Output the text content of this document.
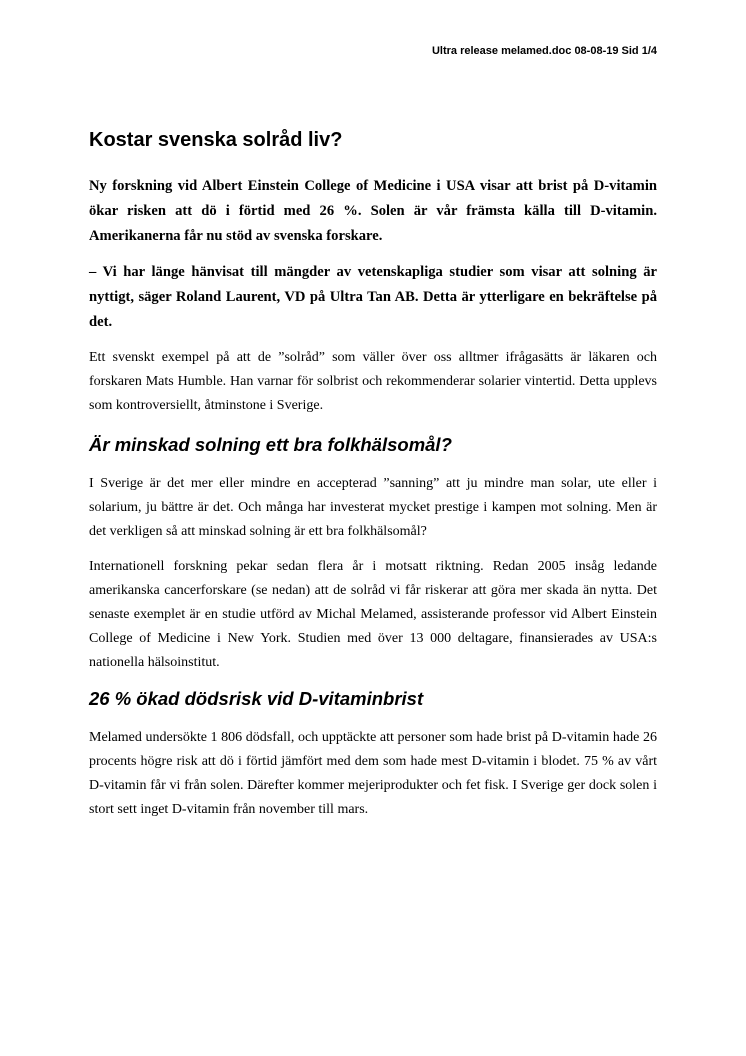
Ultra release melamed.doc 08-08-19 Sid 1/4
Kostar svenska solråd liv?

Ny forskning vid Albert Einstein College of Medicine i USA visar att brist på D-vitamin ökar risken att dö i förtid med 26 %. Solen är vår främsta källa till D-vitamin. Amerikanerna får nu stöd av svenska forskare.

– Vi har länge hänvisat till mängder av vetenskapliga studier som visar att solning är nyttigt, säger Roland Laurent, VD på Ultra Tan AB. Detta är ytterligare en bekräftelse på det.

Ett svenskt exempel på att de ”solråd” som väller över oss alltmer ifrågasätts är läkaren och forskaren Mats Humble. Han varnar för solbrist och rekommenderar solarier vintertid. Detta upplevs som kontroversiellt, åtminstone i Sverige.

Är minskad solning ett bra folkhälsomål?

I Sverige är det mer eller mindre en accepterad ”sanning” att ju mindre man solar, ute eller i solarium, ju bättre är det. Och många har investerat mycket prestige i kampen mot solning. Men är det verkligen så att minskad solning är ett bra folkhälsomål?

Internationell forskning pekar sedan flera år i motsatt riktning. Redan 2005 insåg ledande amerikanska cancerforskare (se nedan) att de solråd vi får riskerar att göra mer skada än nytta. Det senaste exemplet är en studie utförd av Michal Melamed, assisterande professor vid Albert Einstein College of Medicine i New York. Studien med över 13 000 deltagare, finansierades av USA:s nationella hälsoinstitut.

26 % ökad dödsrisk vid D-vitaminbrist

Melamed undersökte 1 806 dödsfall, och upptäckte att personer som hade brist på D-vitamin hade 26 procents högre risk att dö i förtid jämfört med dem som hade mest D-vitamin i blodet. 75 % av vårt D-vitamin får vi från solen. Därefter kommer mejeriprodukter och fet fisk. I Sverige ger dock solen i stort sett inget D-vitamin från november till mars.
